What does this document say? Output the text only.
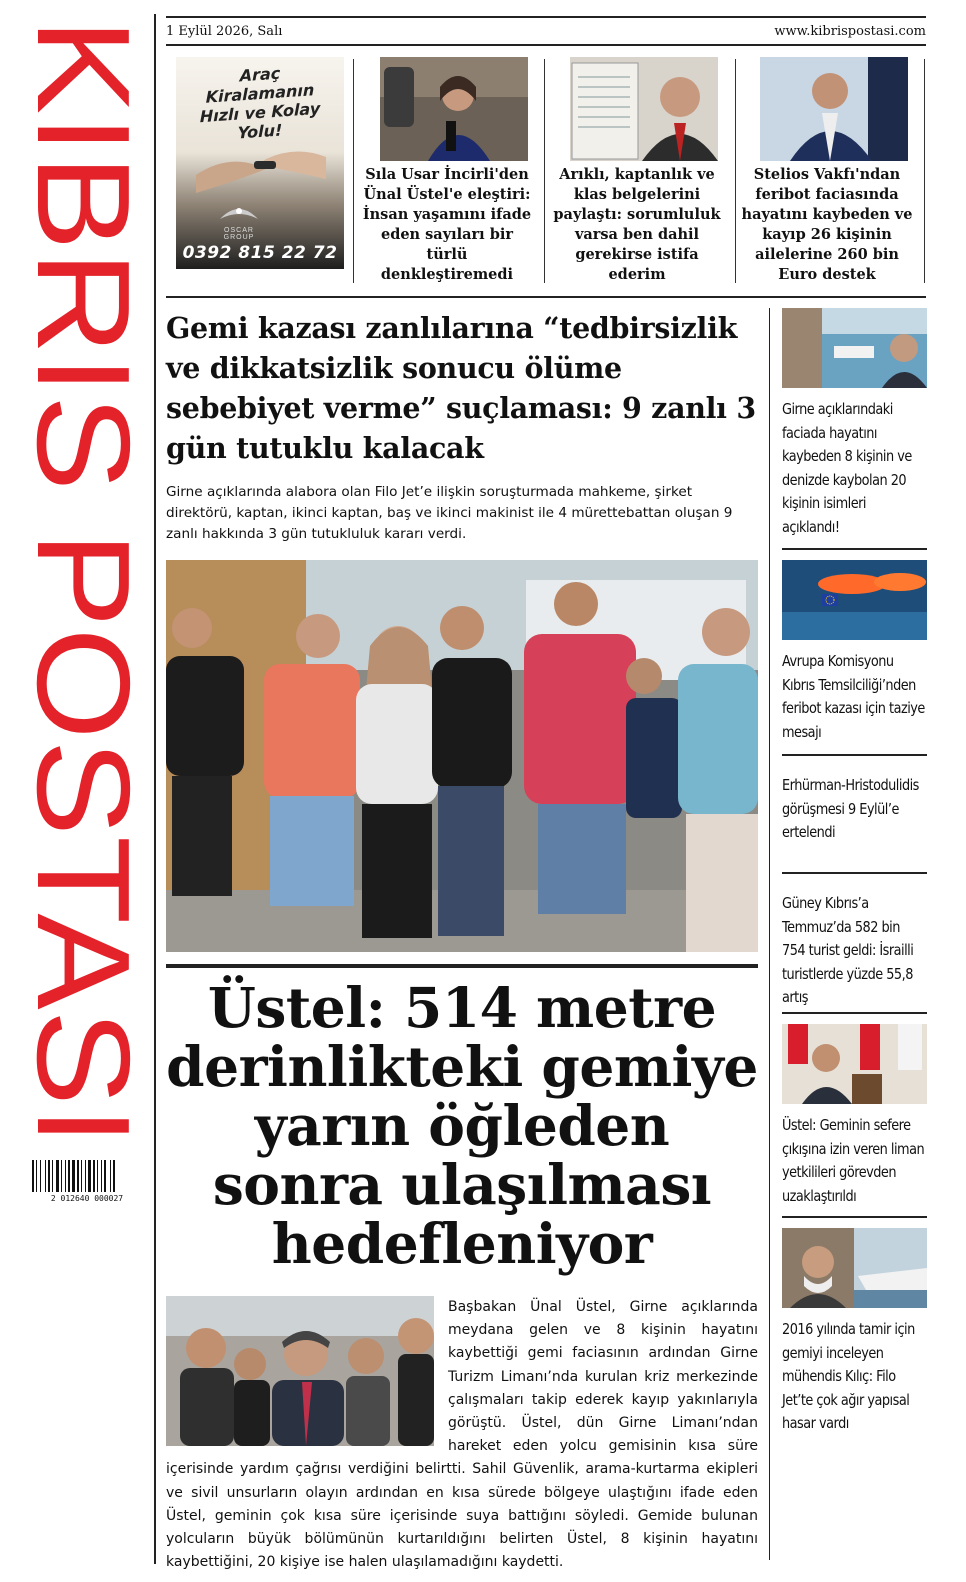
KIBRIS POSTASI
2 012640 000027
1 Eylül 2026, Salı	www.kibrispostasi.com
Araç Kiralamanın Hızlı ve Kolay Yolu!
OSCAR GROUP
0392 815 22 72
Sıla Usar İncirli'den Ünal Üstel'e eleştiri: İnsan yaşamını ifade eden sayıları bir türlü denkleştiremedi
Arıklı, kaptanlık ve klas belgelerini paylaştı: sorumluluk varsa ben dahil gerekirse istifa ederim
Stelios Vakfı'ndan feribot faciasında hayatını kaybeden ve kayıp 26 kişinin ailelerine 260 bin Euro destek
Gemi kazası zanlılarına “tedbirsizlik ve dikkatsizlik sonucu ölüme sebebiyet verme” suçlaması: 9 zanlı 3 gün tutuklu kalacak
Girne açıklarında alabora olan Filo Jet’e ilişkin soruşturmada mahkeme, şirket direktörü, kaptan, ikinci kaptan, baş ve ikinci makinist ile 4 mürettebattan oluşan 9 zanlı hakkında 3 gün tutukluluk kararı verdi.
Üstel: 514 metre derinlikteki gemiye yarın öğleden sonra ulaşılması hedefleniyor
Başbakan Ünal Üstel, Girne açıklarında meydana gelen ve 8 kişinin hayatını kaybettiği gemi faciasının ardından Girne Turizm Limanı’nda kurulan kriz merkezinde çalışmaları takip ederek kayıp yakınlarıyla görüştü. Üstel, dün Girne Limanı’ndan hareket eden yolcu gemisinin kısa süre içerisinde yardım çağrısı verdiğini belirtti. Sahil Güvenlik, arama-kurtarma ekipleri ve sivil unsurların olayın ardından en kısa sürede bölgeye ulaştığını ifade eden Üstel, geminin çok kısa süre içerisinde suya battığını söyledi. Gemide bulunan yolcuların büyük bölümünün kurtarıldığını belirten Üstel, 8 kişinin hayatını kaybettiğini, 20 kişiye ise halen ulaşılamadığını kaydetti.
Girne açıklarındaki faciada hayatını kaybeden 8 kişinin ve denizde kaybolan 20 kişinin isimleri açıklandı!
Avrupa Komisyonu Kıbrıs Temsilciliği’nden feribot kazası için taziye mesajı
Erhürman-Hristodulidis görüşmesi 9 Eylül’e ertelendi
Güney Kıbrıs’a Temmuz’da 582 bin 754 turist geldi: İsrailli turistlerde yüzde 55,8 artış
Üstel: Geminin sefere çıkışına izin veren liman yetkilileri görevden uzaklaştırıldı
2016 yılında tamir için gemiyi inceleyen mühendis Kılıç: Filo Jet’te çok ağır yapısal hasar vardı
